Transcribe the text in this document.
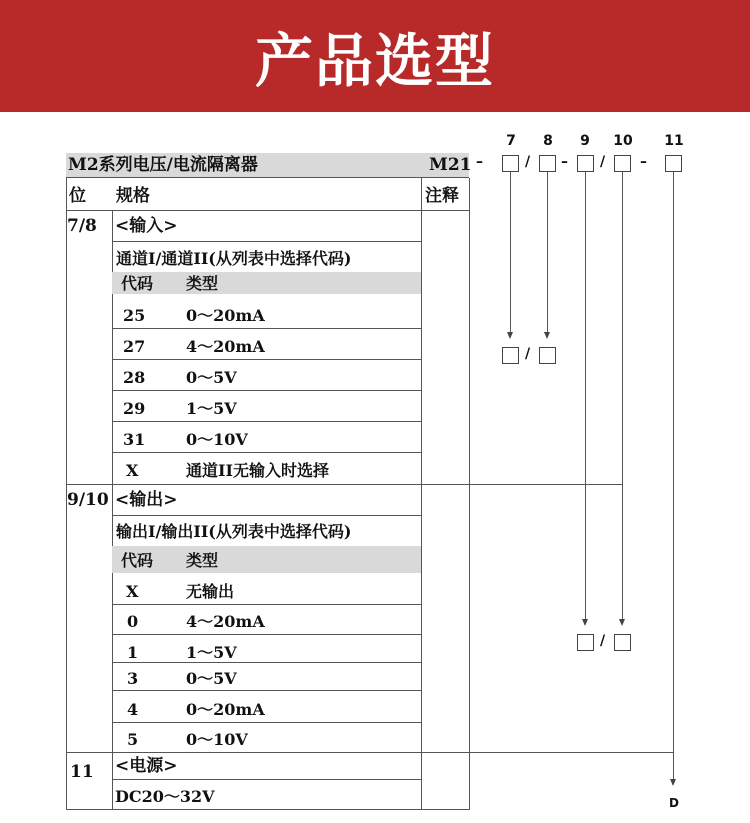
产品选型
M2系列电压/电流隔离器	M21
7 8 9 10 11
–	/ – / –
/
/
D
位 规格	注释
7/8 <输入>
通道I/通道II(从列表中选择代码)
代码 类型
25	0～20mA
27	4～20mA
28	0～5V
29	1～5V
31	0～10V
X	通道II无输入时选择
9/10 <输出>
输出I/输出II(从列表中选择代码)
代码 类型
X	无输出
0	4～20mA
1	1～5V
3	0～5V
4	0～20mA
5	0～10V
11 <电源>
DC20～32V
